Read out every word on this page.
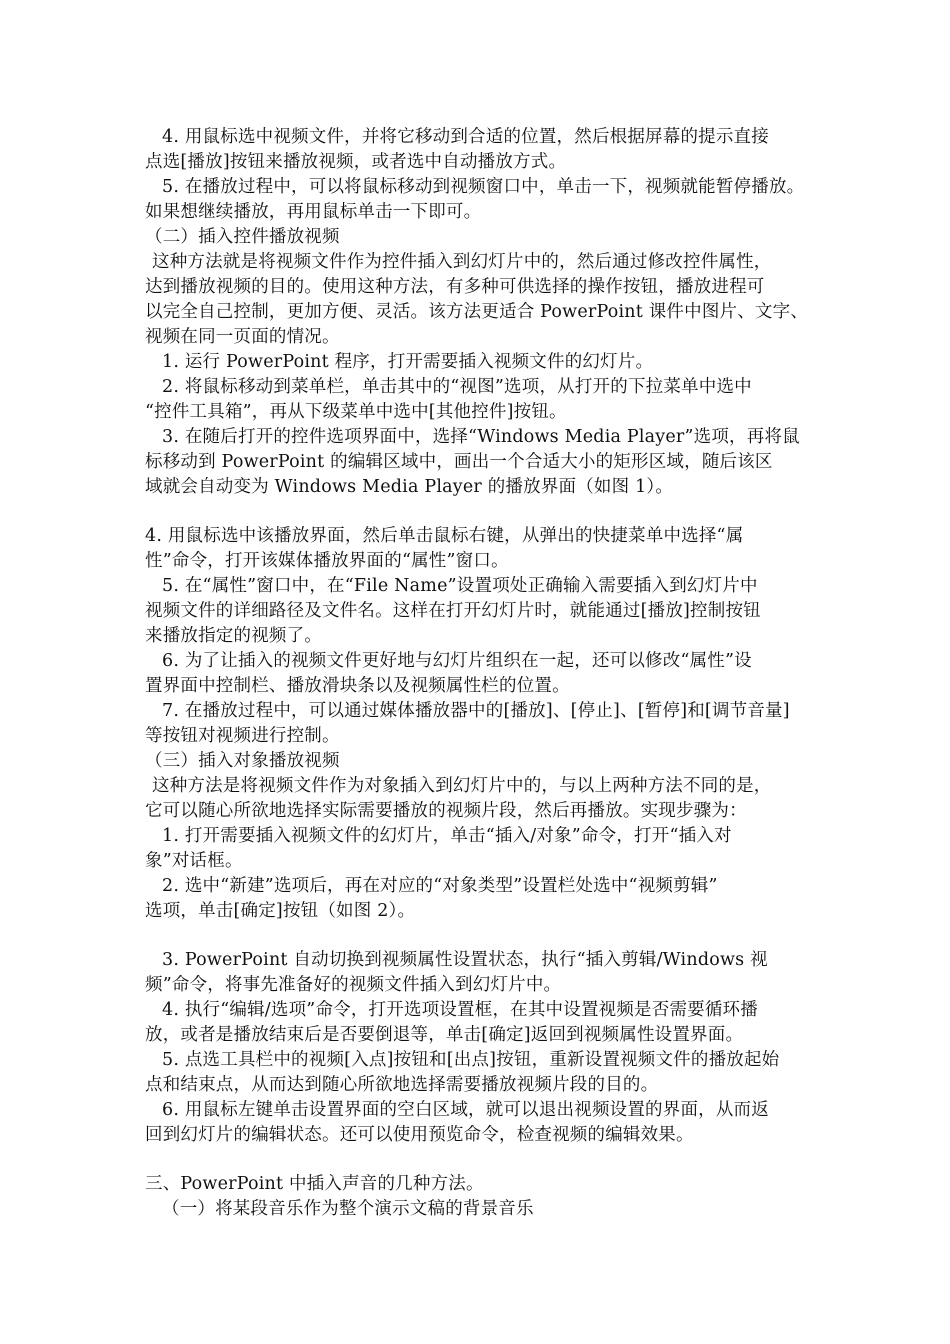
4. 用鼠标选中视频文件，并将它移动到合适的位置，然后根据屏幕的提示直接
点选[播放]按钮来播放视频，或者选中自动播放方式。
5. 在播放过程中，可以将鼠标移动到视频窗口中，单击一下，视频就能暂停播放。
如果想继续播放，再用鼠标单击一下即可。
（二）插入控件播放视频
这种方法就是将视频文件作为控件插入到幻灯片中的，然后通过修改控件属性，
达到播放视频的目的。使用这种方法，有多种可供选择的操作按钮，播放进程可
以完全自己控制，更加方便、灵活。该方法更适合 PowerPoint 课件中图片、文字、
视频在同一页面的情况。
1. 运行 PowerPoint 程序，打开需要插入视频文件的幻灯片。
2. 将鼠标移动到菜单栏，单击其中的“视图”选项，从打开的下拉菜单中选中
“控件工具箱”，再从下级菜单中选中[其他控件]按钮。
3. 在随后打开的控件选项界面中，选择“Windows Media Player”选项，再将鼠
标移动到 PowerPoint 的编辑区域中，画出一个合适大小的矩形区域，随后该区
域就会自动变为 Windows Media Player 的播放界面（如图 1）。
4. 用鼠标选中该播放界面，然后单击鼠标右键，从弹出的快捷菜单中选择“属
性”命令，打开该媒体播放界面的“属性”窗口。
5. 在“属性”窗口中，在“File Name”设置项处正确输入需要插入到幻灯片中
视频文件的详细路径及文件名。这样在打开幻灯片时，就能通过[播放]控制按钮
来播放指定的视频了。
6. 为了让插入的视频文件更好地与幻灯片组织在一起，还可以修改“属性”设
置界面中控制栏、播放滑块条以及视频属性栏的位置。
7. 在播放过程中，可以通过媒体播放器中的[播放]、[停止]、[暂停]和[调节音量]
等按钮对视频进行控制。
（三）插入对象播放视频
这种方法是将视频文件作为对象插入到幻灯片中的，与以上两种方法不同的是，
它可以随心所欲地选择实际需要播放的视频片段，然后再播放。实现步骤为：
1. 打开需要插入视频文件的幻灯片，单击“插入/对象”命令，打开“插入对
象”对话框。
2. 选中“新建”选项后，再在对应的“对象类型”设置栏处选中“视频剪辑”
选项，单击[确定]按钮（如图 2）。
3. PowerPoint 自动切换到视频属性设置状态，执行“插入剪辑/Windows 视
频”命令，将事先准备好的视频文件插入到幻灯片中。
4. 执行“编辑/选项”命令，打开选项设置框，在其中设置视频是否需要循环播
放，或者是播放结束后是否要倒退等，单击[确定]返回到视频属性设置界面。
5. 点选工具栏中的视频[入点]按钮和[出点]按钮，重新设置视频文件的播放起始
点和结束点，从而达到随心所欲地选择需要播放视频片段的目的。
6. 用鼠标左键单击设置界面的空白区域，就可以退出视频设置的界面，从而返
回到幻灯片的编辑状态。还可以使用预览命令，检查视频的编辑效果。
三、PowerPoint 中插入声音的几种方法。
（一）将某段音乐作为整个演示文稿的背景音乐
